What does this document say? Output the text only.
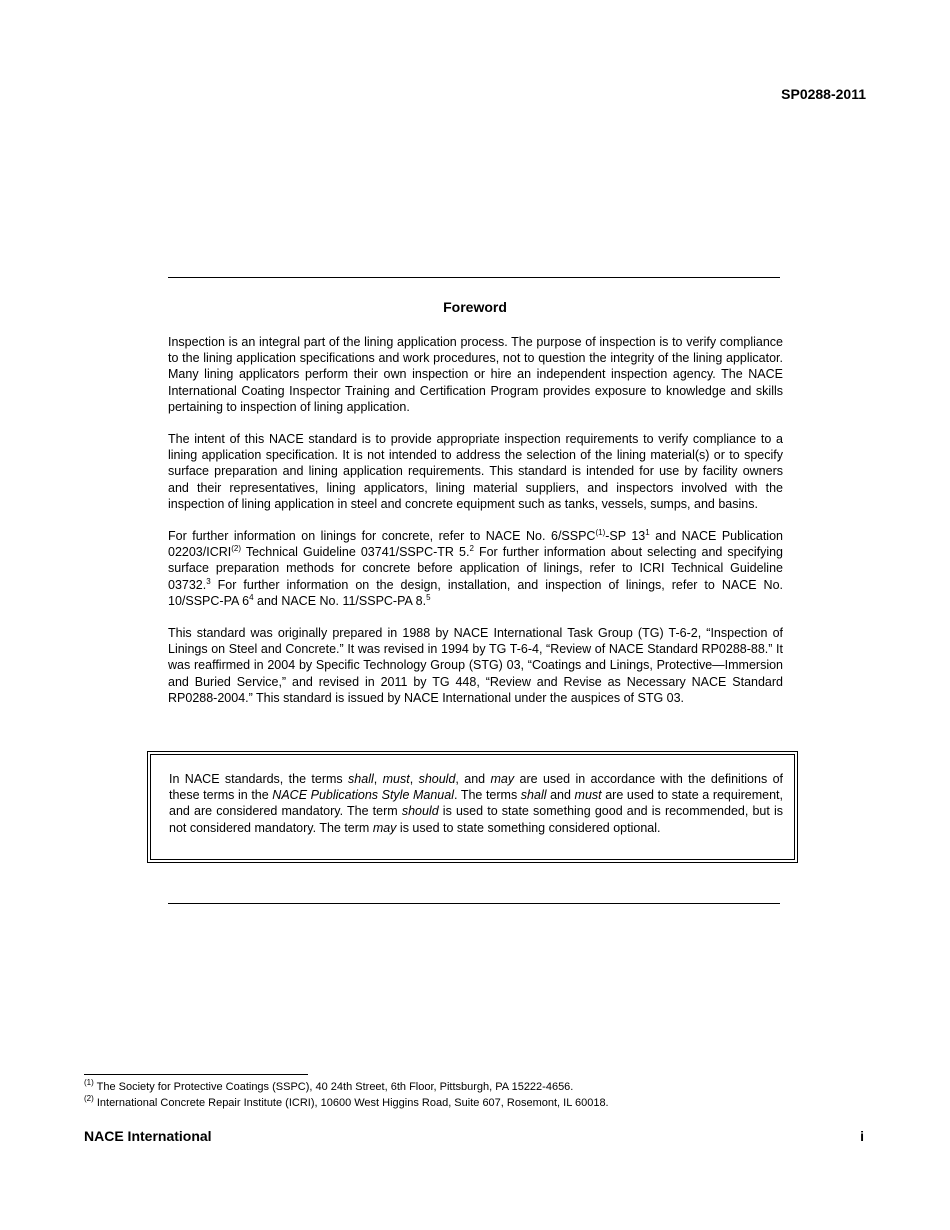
SP0288-2011
Foreword

Inspection is an integral part of the lining application process. The purpose of inspection is to verify compliance to the lining application specifications and work procedures, not to question the integrity of the lining applicator. Many lining applicators perform their own inspection or hire an independent inspection agency. The NACE International Coating Inspector Training and Certification Program provides exposure to knowledge and skills pertaining to inspection of lining application.

The intent of this NACE standard is to provide appropriate inspection requirements to verify compliance to a lining application specification. It is not intended to address the selection of the lining material(s) or to specify surface preparation and lining application requirements. This standard is intended for use by facility owners and their representatives, lining applicators, lining material suppliers, and inspectors involved with the inspection of lining application in steel and concrete equipment such as tanks, vessels, sumps, and basins.

For further information on linings for concrete, refer to NACE No. 6/SSPC$^{(1)}$-SP $13^1$ and NACE Publication 02203/ICRI$^{(2)}$ Technical Guideline 03741/SSPC-TR 5.$^2$ For further information about selecting and specifying surface preparation methods for concrete before application of linings, refer to ICRI Technical Guideline 03732.$^3$ For further information on the design, installation, and inspection of linings, refer to NACE No. 10/SSPC-PA $6^4$ and NACE No. 11/SSPC-PA 8.$^5$

This standard was originally prepared in 1988 by NACE International Task Group (TG) T-6-2, “Inspection of Linings on Steel and Concrete.” It was revised in 1994 by TG T-6-4, “Review of NACE Standard RP0288-88.” It was reaffirmed in 2004 by Specific Technology Group (STG) 03, “Coatings and Linings, Protective—Immersion and Buried Service,” and revised in 2011 by TG 448, “Review and Revise as Necessary NACE Standard RP0288-2004.” This standard is issued by NACE International under the auspices of STG 03.

In NACE standards, the terms shall, must, should, and may are used in accordance with the definitions of these terms in the NACE Publications Style Manual. The terms shall and must are used to state a requirement, and are considered mandatory. The term should is used to state something good and is recommended, but is not considered mandatory. The term may is used to state something considered optional.
$^{(1)}$ The Society for Protective Coatings (SSPC), 40 24th Street, 6th Floor, Pittsburgh, PA 15222-4656.
$^{(2)}$ International Concrete Repair Institute (ICRI), 10600 West Higgins Road, Suite 607, Rosemont, IL 60018.
NACE International	i
